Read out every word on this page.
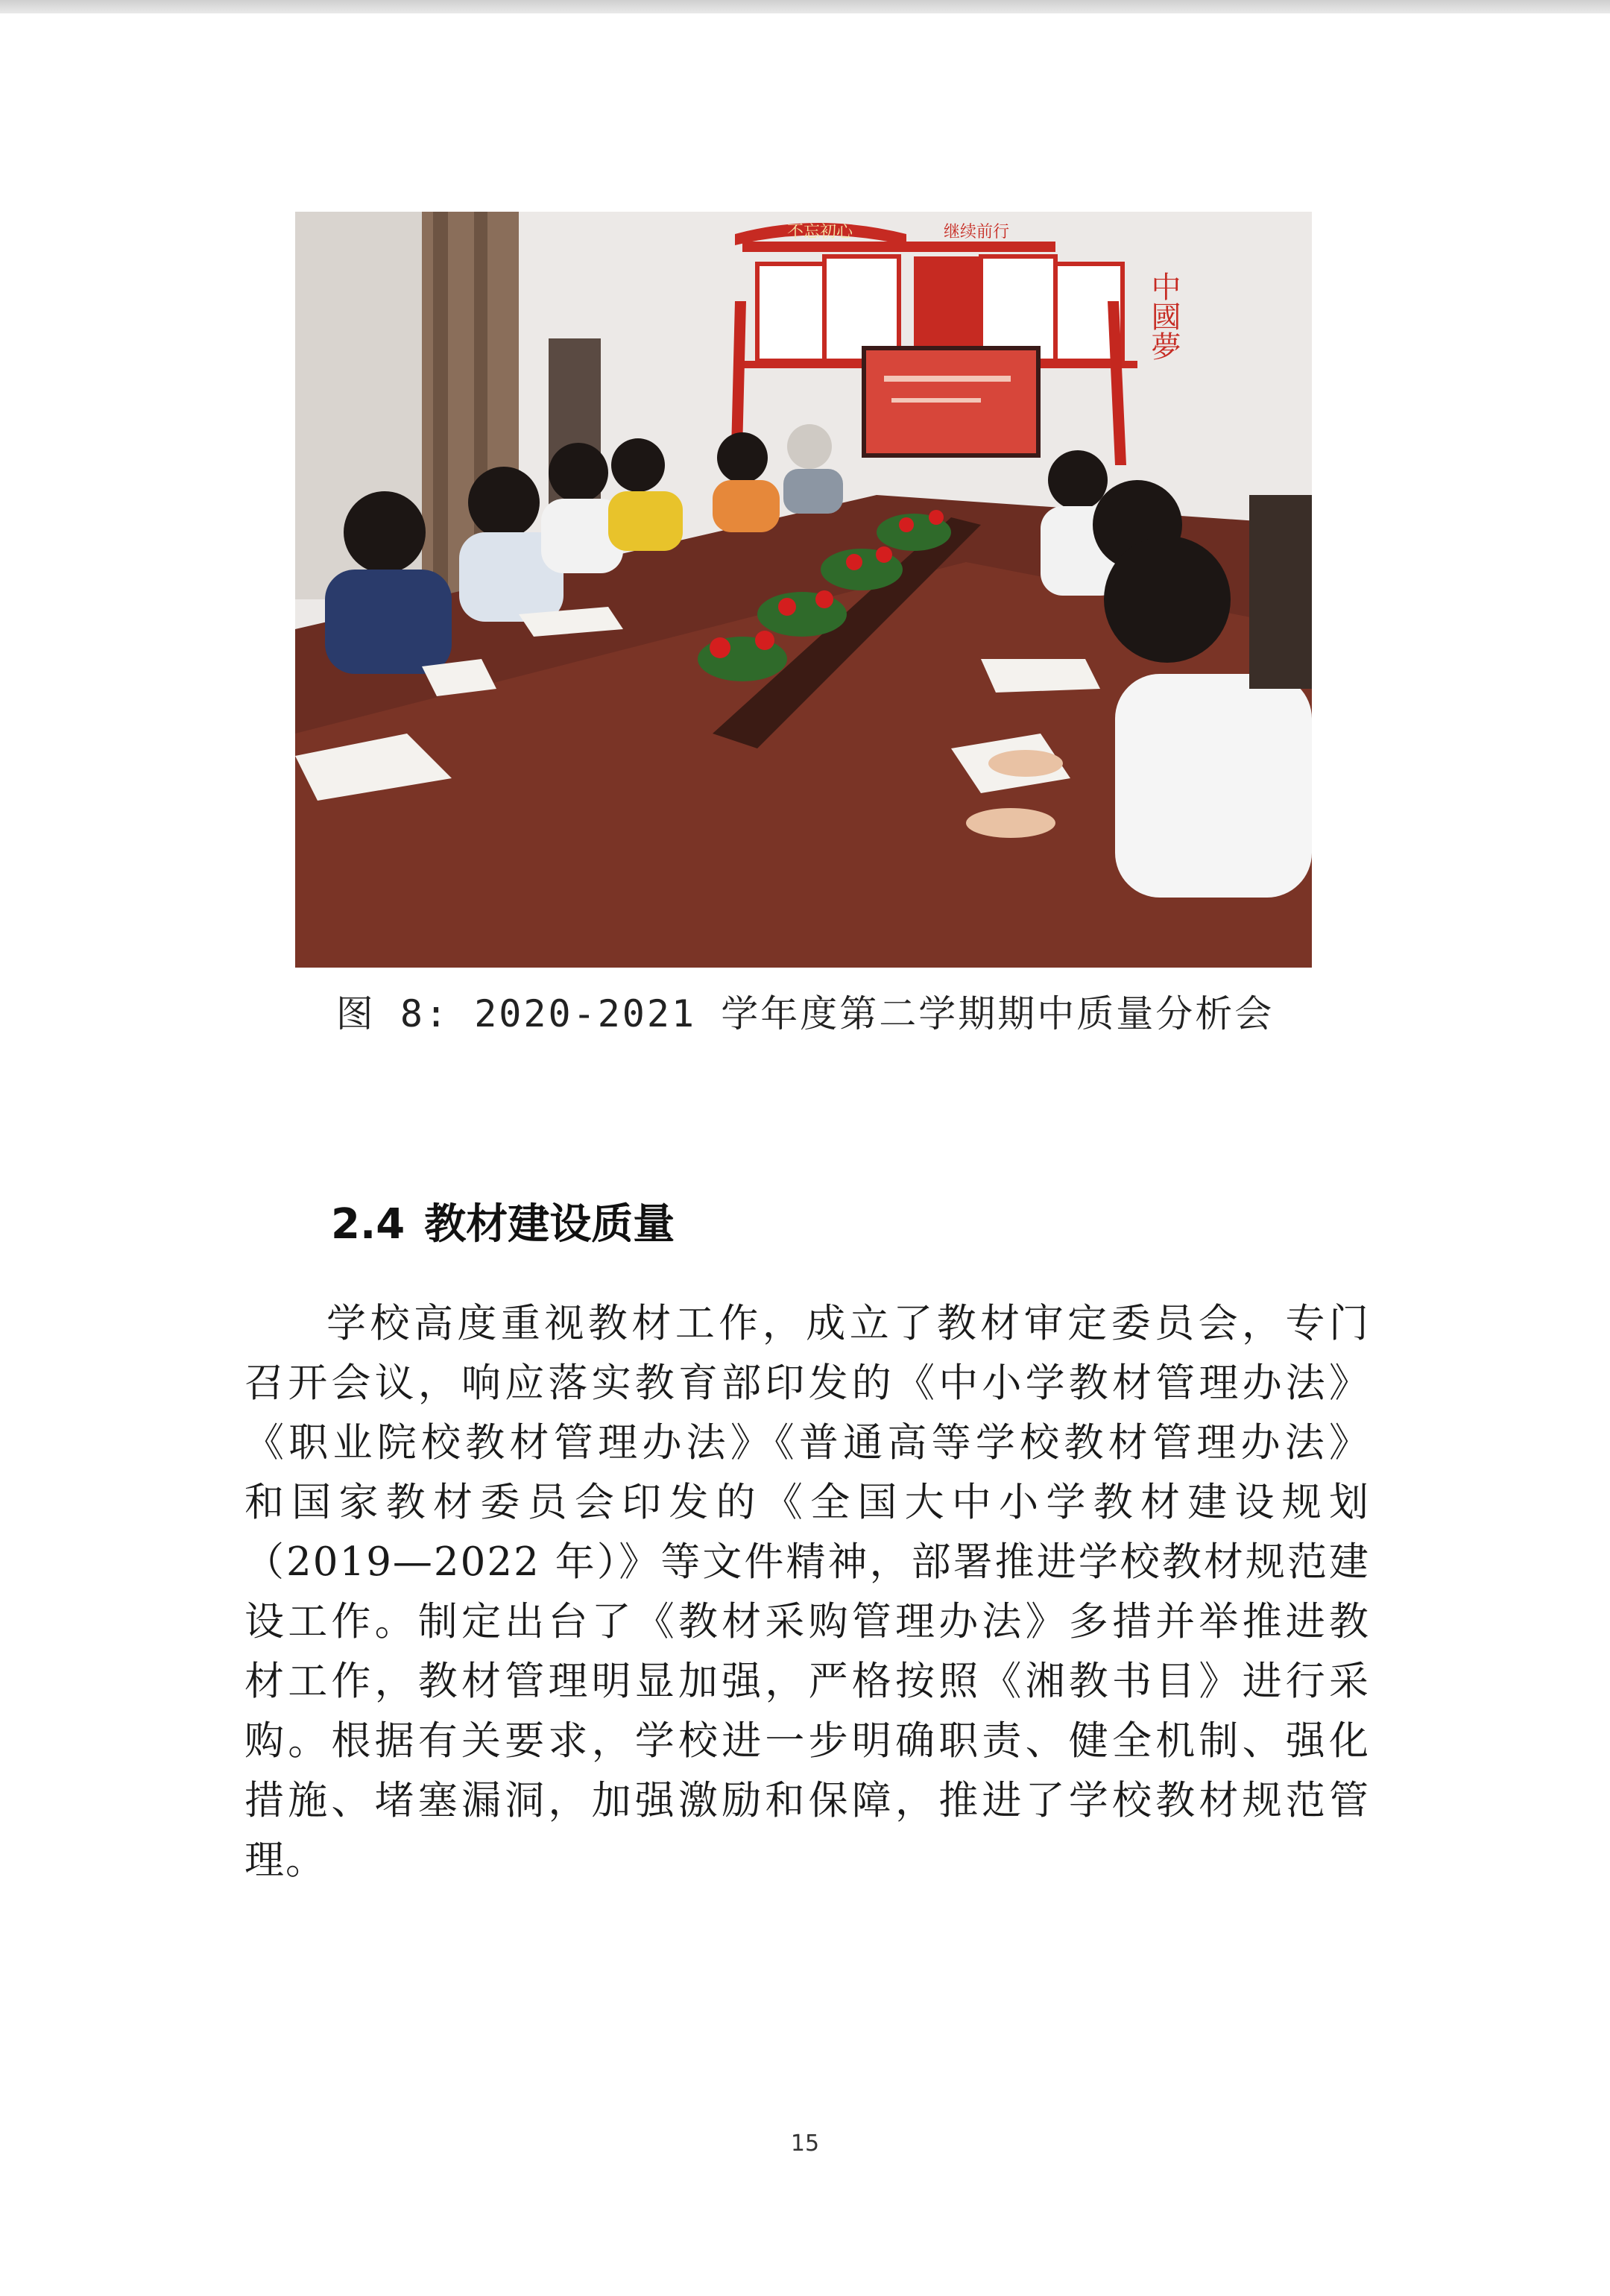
不忘初心	继续前行
中國夢
图 8: 2020-2021 学年度第二学期期中质量分析会
2.4 教材建设质量
学校高度重视教材工作，成立了教材审定委员会，专门
召开会议，响应落实教育部印发的《中小学教材管理办法》
《职业院校教材管理办法》《普通高等学校教材管理办法》
和国家教材委员会印发的《全国大中小学教材建设规划
（2019—2022 年）》等文件精神，部署推进学校教材规范建
设工作。制定出台了《教材采购管理办法》多措并举推进教
材工作，教材管理明显加强，严格按照《湘教书目》进行采
购。根据有关要求，学校进一步明确职责、健全机制、强化
措施、堵塞漏洞，加强激励和保障，推进了学校教材规范管
理。
15
